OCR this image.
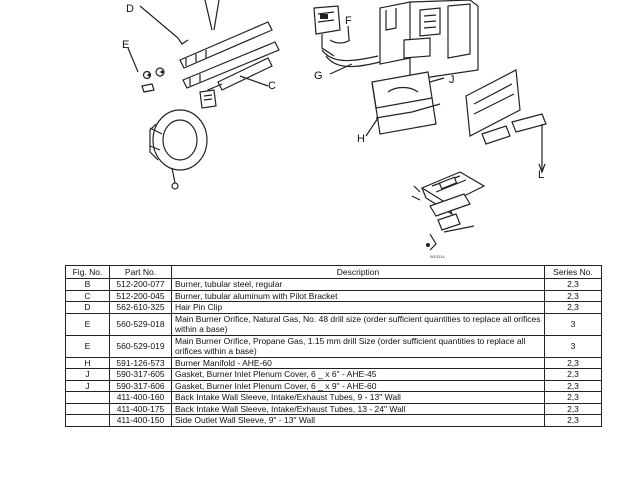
D
F
E
G	J
C
H
L
W13114
Fig. No.	Part No.	Description	Series No.
B	512-200-077	Burner, tubular steel, regular	2,3
C	512-200-045	Burner, tubular aluminum with Pilot Bracket	2,3
D	562-610-325	Hair Pin Clip	2,3
E	560-529-018	Main Burner Orifice, Natural Gas, No. 48 drill size (order sufficient quantities to replace all orifices within a base)	3
E	560-529-019	Main Burner Orifice, Propane Gas, 1.15 mm drill Size (order sufficient quantities to replace all orifices within a base)	3
H	591-126-573	Burner Manifold - AHE-60	2,3
J	590-317-605	Gasket, Burner Inlet Plenum Cover, 6 _ x 6" - AHE-45	2,3
J	590-317-606	Gasket, Burner Inlet Plenum Cover, 6 _ x 9" - AHE-60	2,3
	411-400-160	Back Intake Wall Sleeve, Intake/Exhaust Tubes, 9 - 13" Wall	2,3
	411-400-175	Back Intake Wall Sleeve, Intake/Exhaust Tubes, 13 - 24" Wall	2,3
	411-400-150	Side Outlet Wall Sleeve, 9" - 13" Wall	2,3
